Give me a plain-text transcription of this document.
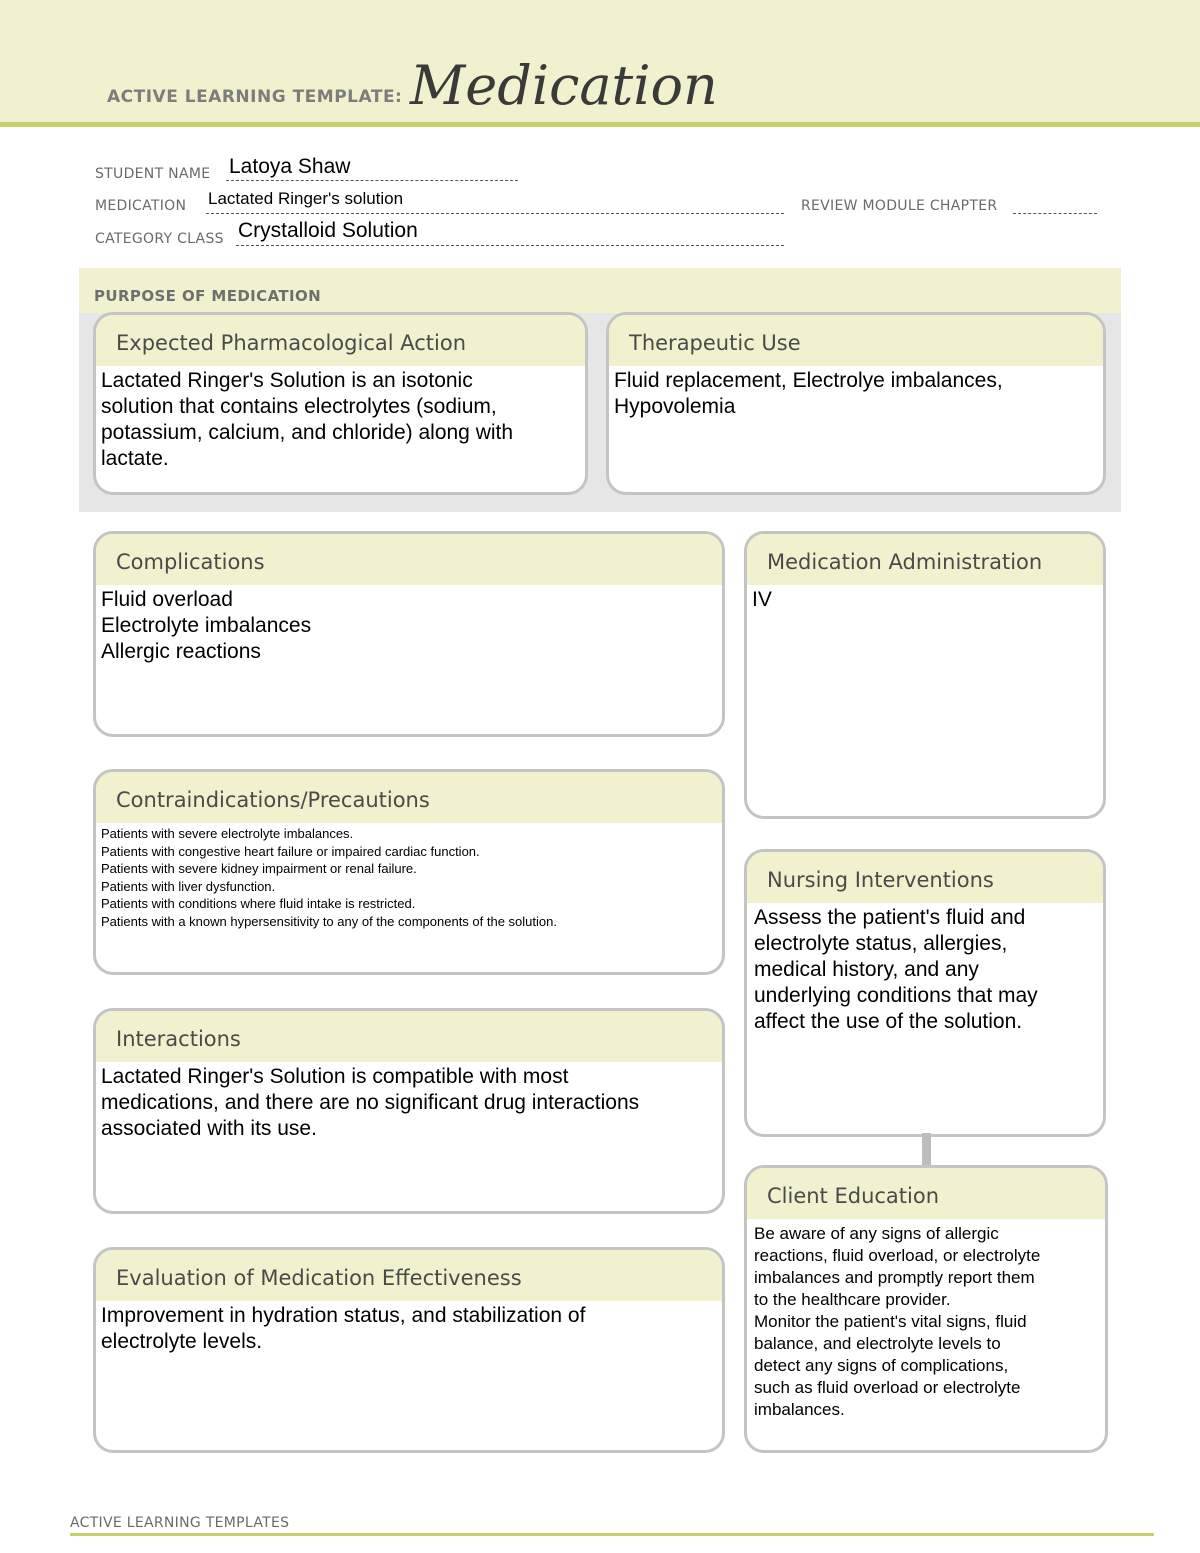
ACTIVE LEARNING TEMPLATE: Medication
STUDENT NAME Latoya Shaw
MEDICATION Lactated Ringer's solution	REVIEW MODULE CHAPTER
CATEGORY CLASS Crystalloid Solution
PURPOSE OF MEDICATION
Expected Pharmacological Action
Lactated Ringer's Solution is an isotonic
solution that contains electrolytes (sodium,
potassium, calcium, and chloride) along with
lactate.
Therapeutic Use
Fluid replacement, Electrolye imbalances,
Hypovolemia
Complications
Fluid overload
Electrolyte imbalances
Allergic reactions
Contraindications/Precautions
Patients with severe electrolyte imbalances.
Patients with congestive heart failure or impaired cardiac function.
Patients with severe kidney impairment or renal failure.
Patients with liver dysfunction.
Patients with conditions where fluid intake is restricted.
Patients with a known hypersensitivity to any of the components of the solution.
Interactions
Lactated Ringer's Solution is compatible with most
medications, and there are no significant drug interactions
associated with its use.
Evaluation of Medication Effectiveness
Improvement in hydration status, and stabilization of
electrolyte levels.
Medication Administration
IV
Nursing Interventions
Assess the patient's fluid and
electrolyte status, allergies,
medical history, and any
underlying conditions that may
affect the use of the solution.
Client Education
Be aware of any signs of allergic
reactions, fluid overload, or electrolyte
imbalances and promptly report them
to the healthcare provider.
Monitor the patient's vital signs, fluid
balance, and electrolyte levels to
detect any signs of complications,
such as fluid overload or electrolyte
imbalances.
ACTIVE LEARNING TEMPLATES
